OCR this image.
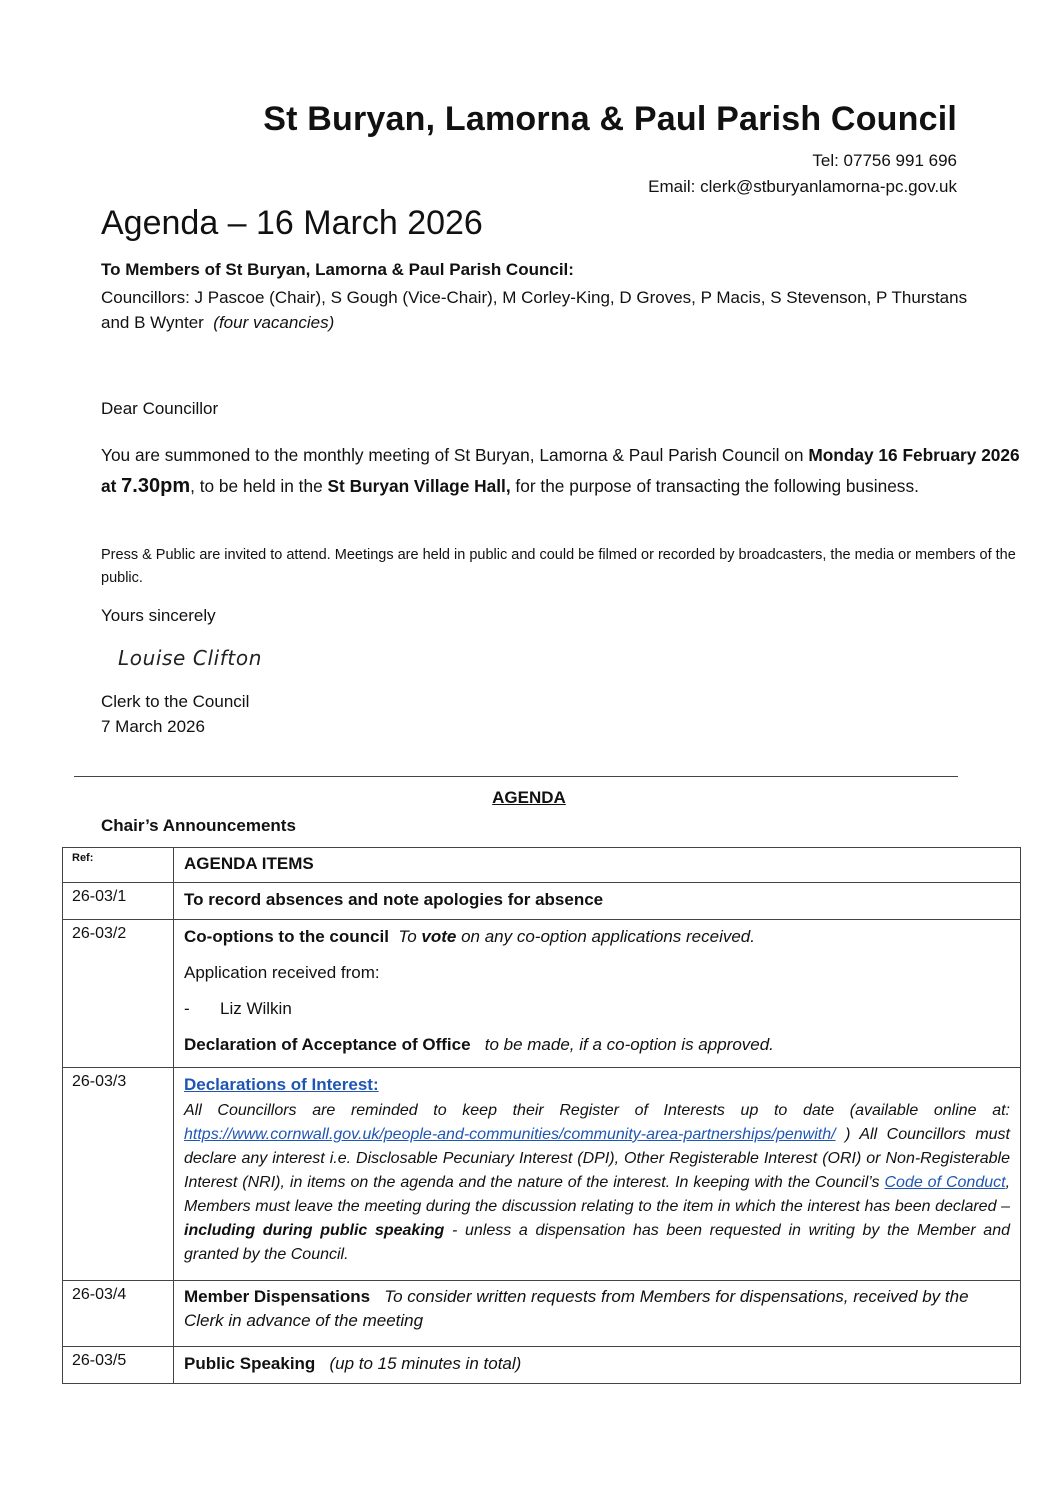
St Buryan, Lamorna & Paul Parish Council
Tel: 07756 991 696
Email: clerk@stburyanlamorna-pc.gov.uk
Agenda – 16 March 2026
To Members of St Buryan, Lamorna & Paul Parish Council:
Councillors: J Pascoe (Chair), S Gough (Vice-Chair), M Corley-King, D Groves, P Macis, S Stevenson, P Thurstans and B Wynter (four vacancies)
Dear Councillor
You are summoned to the monthly meeting of St Buryan, Lamorna & Paul Parish Council on Monday 16 February 2026 at 7.30pm, to be held in the St Buryan Village Hall, for the purpose of transacting the following business.
Press & Public are invited to attend. Meetings are held in public and could be filmed or recorded by broadcasters, the media or members of the public.
Yours sincerely
Louise Clifton
Clerk to the Council
7 March 2026
AGENDA
Chair’s Announcements
Ref:	AGENDA ITEMS
26-03/1	To record absences and note apologies for absence
26-03/2	Co-options to the council To vote on any co-option applications received.
Application received from:
- Liz Wilkin
Declaration of Acceptance of Office to be made, if a co-option is approved.

26-03/3	Declarations of Interest:
All Councillors are reminded to keep their Register of Interests up to date (available online at: https://www.cornwall.gov.uk/people-and-communities/community-area-partnerships/penwith/ ) All Councillors must declare any interest i.e. Disclosable Pecuniary Interest (DPI), Other Registerable Interest (ORI) or Non-Registerable Interest (NRI), in items on the agenda and the nature of the interest. In keeping with the Council’s Code of Conduct, Members must leave the meeting during the discussion relating to the item in which the interest has been declared – including during public speaking - unless a dispensation has been requested in writing by the Member and granted by the Council.

26-03/4	Member Dispensations To consider written requests from Members for dispensations, received by the Clerk in advance of the meeting
26-03/5	Public Speaking (up to 15 minutes in total)
